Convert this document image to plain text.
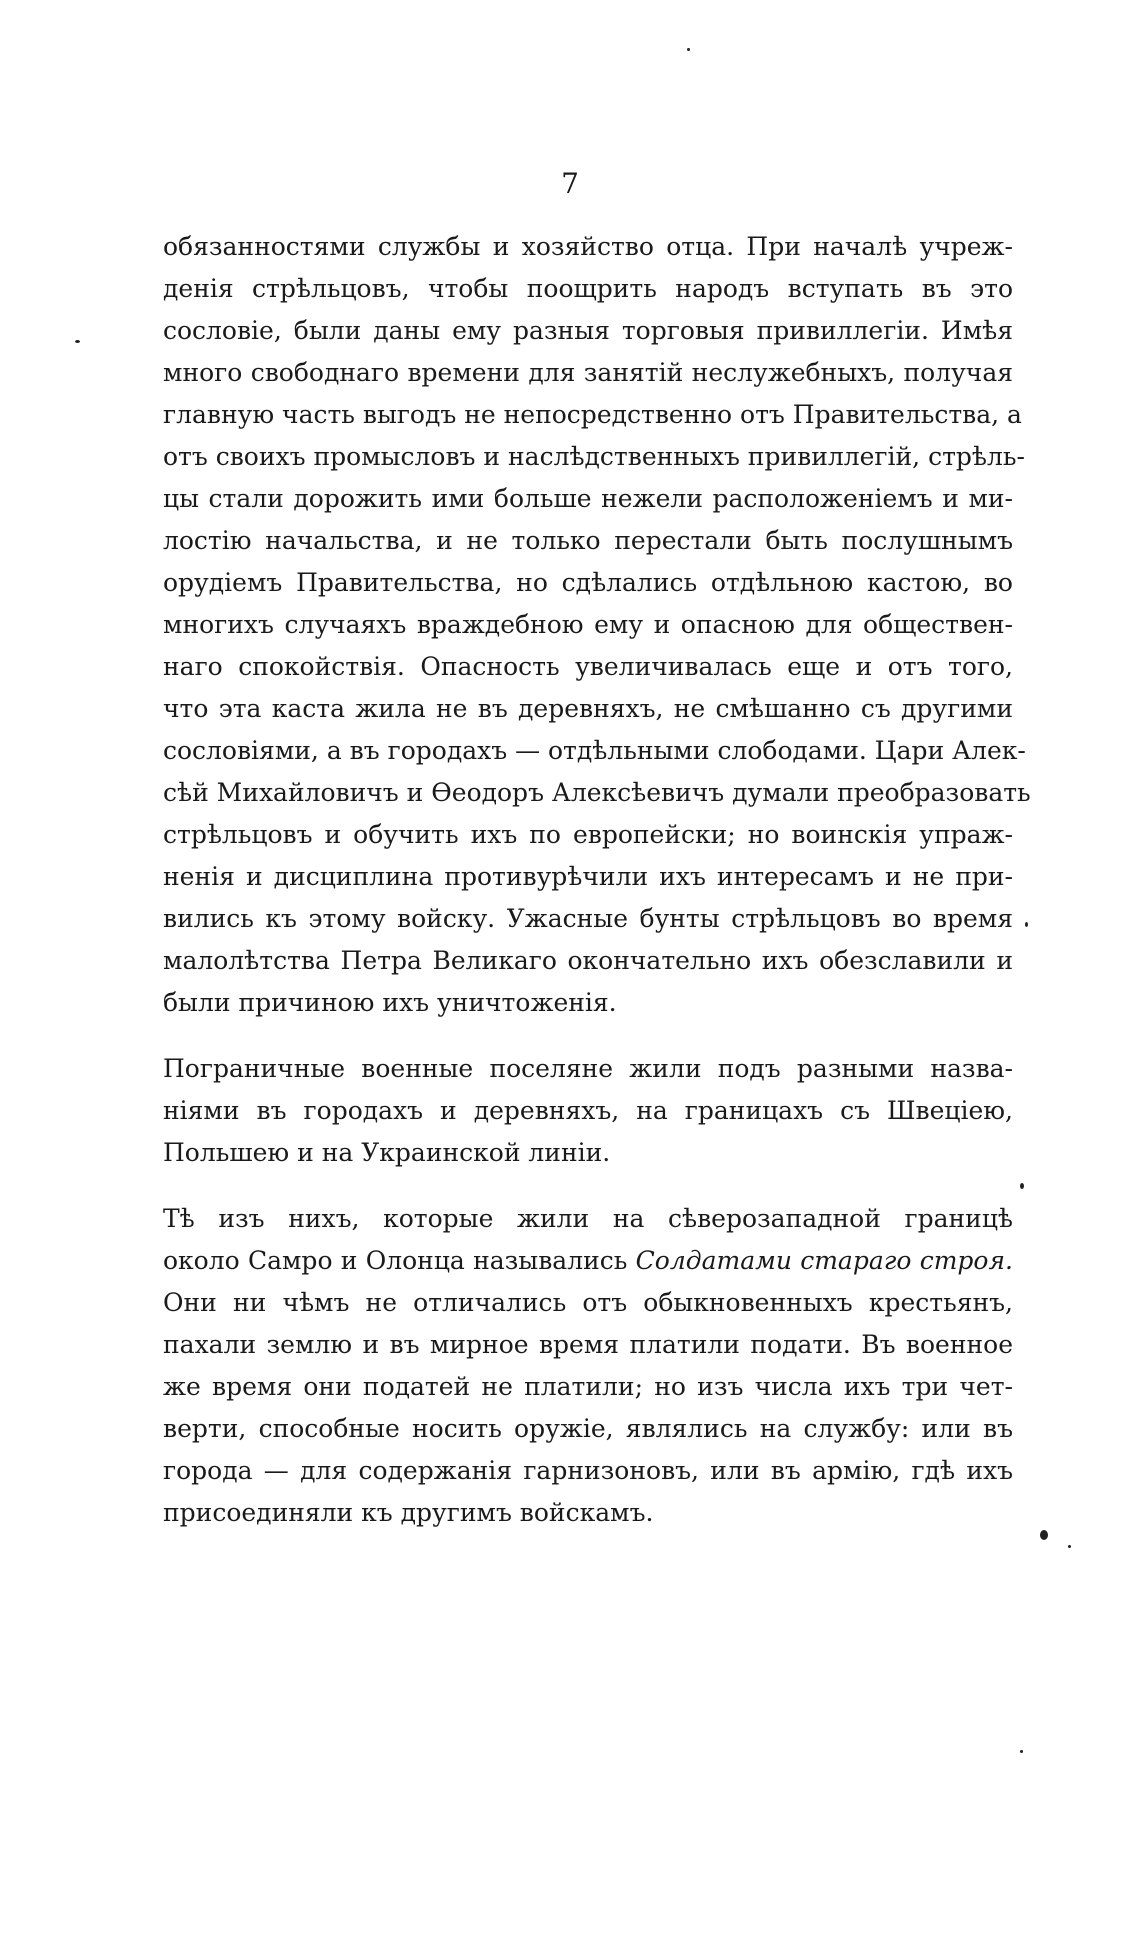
7
обязанностями службы и хозяйство отца. При началѣ учреж-
денія стрѣльцовъ, чтобы поощрить народъ вступать въ это
сословіе, были даны ему разныя торговыя привиллегіи. Имѣя
много свободнаго времени для занятій неслужебныхъ, получая
главную часть выгодъ не непосредственно отъ Правительства, а
отъ своихъ промысловъ и наслѣдственныхъ привиллегій, стрѣль-
цы стали дорожить ими больше нежели расположеніемъ и ми-
лостію начальства, и не только перестали быть послушнымъ
орудіемъ Правительства, но сдѣлались отдѣльною кастою, во
многихъ случаяхъ враждебною ему и опасною для обществен-
наго спокойствія. Опасность увеличивалась еще и отъ того,
что эта каста жила не въ деревняхъ, не смѣшанно съ другими
сословіями, а въ городахъ — отдѣльными слободами. Цари Алек-
сѣй Михайловичъ и Ѳеодоръ Алексѣевичъ думали преобразовать
стрѣльцовъ и обучить ихъ по европейски; но воинскія упраж-
ненія и дисциплина противурѣчили ихъ интересамъ и не при-
вились къ этому войску. Ужасные бунты стрѣльцовъ во время
малолѣтства Петра Великаго окончательно ихъ обезславили и
были причиною ихъ уничтоженія.
Пограничные военные поселяне жили подъ разными назва-
ніями въ городахъ и деревняхъ, на границахъ съ Швеціею,
Польшею и на Украинской линіи.
Тѣ изъ нихъ, которые жили на сѣверозападной границѣ
около Самро и Олонца назывались Солдатами стараго строя.
Они ни чѣмъ не отличались отъ обыкновенныхъ крестьянъ,
пахали землю и въ мирное время платили подати. Въ военное
же время они податей не платили; но изъ числа ихъ три чет-
верти, способные носить оружіе, являлись на службу: или въ
города — для содержанія гарнизоновъ, или въ армію, гдѣ ихъ
присоединяли къ другимъ войскамъ.
